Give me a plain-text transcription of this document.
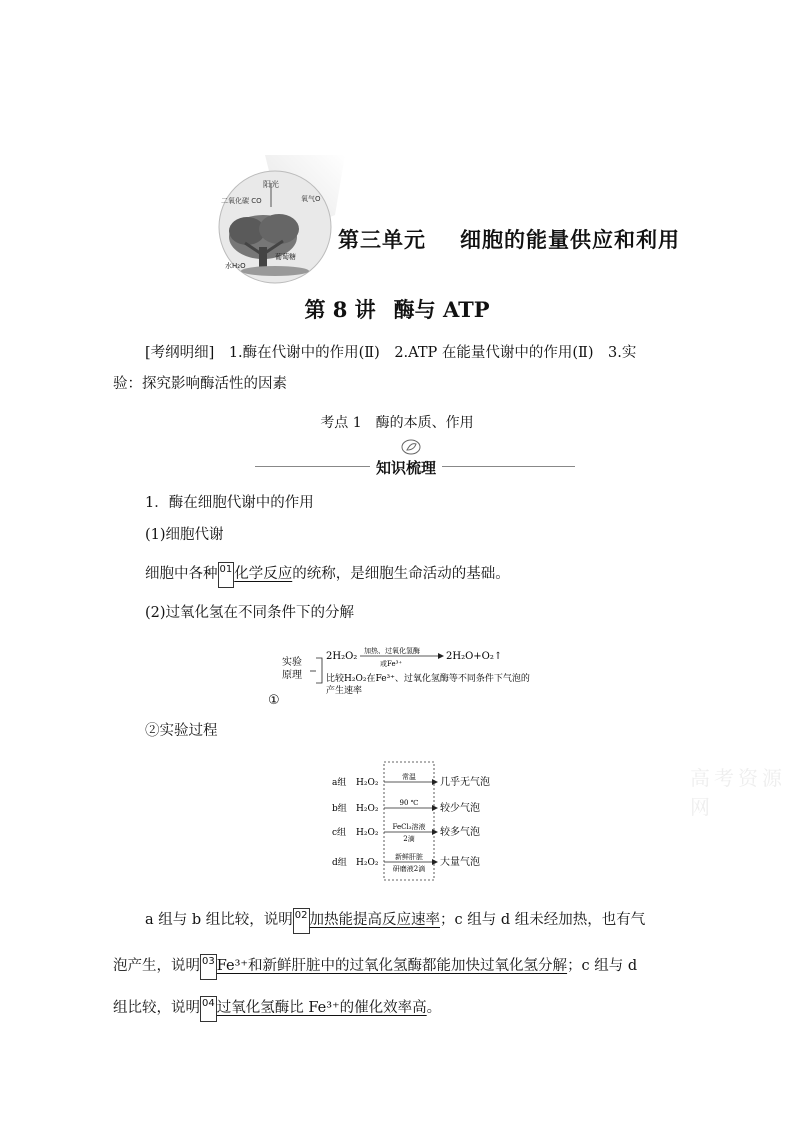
阳光
二氧化碳 CO	氧气O
葡萄糖
水H₂O
第三单元 细胞的能量供应和利用
第 8 讲 酶与 ATP
[考纲明细]　1.酶在代谢中的作用(Ⅱ)　2.ATP 在能量代谢中的作用(Ⅱ)　3.实
验：探究影响酶活性的因素
考点 1 酶的本质、作用
知识梳理
1．酶在细胞代谢中的作用
(1)细胞代谢
细胞中各种 01 化学反应的统称，是细胞生命活动的基础。
(2)过氧化氢在不同条件下的分解
实验
原理
2H₂O₂ 加热、过氧化氢酶
或Fe³⁺
2H₂O+O₂↑
比较H₂O₂在Fe³⁺、过氧化氢酶等不同条件下气泡的
产生速率
①
②实验过程
a组 H₂O₂
常温 几乎无气泡
b组 H₂O₂
90 ℃ 较少气泡
c组 H₂O₂
FeCl₃溶液
2滴
较多气泡
d组 H₂O₂
新鲜肝脏
研磨液2滴
大量气泡
高考资源网
a 组与 b 组比较，说明 02 加热能提高反应速率；c 组与 d 组未经加热，也有气
泡产生，说明 03 Fe³⁺和新鲜肝脏中的过氧化氢酶都能加快过氧化氢分解；c 组与 d
组比较，说明 04 过氧化氢酶比 Fe³⁺的催化效率高。
